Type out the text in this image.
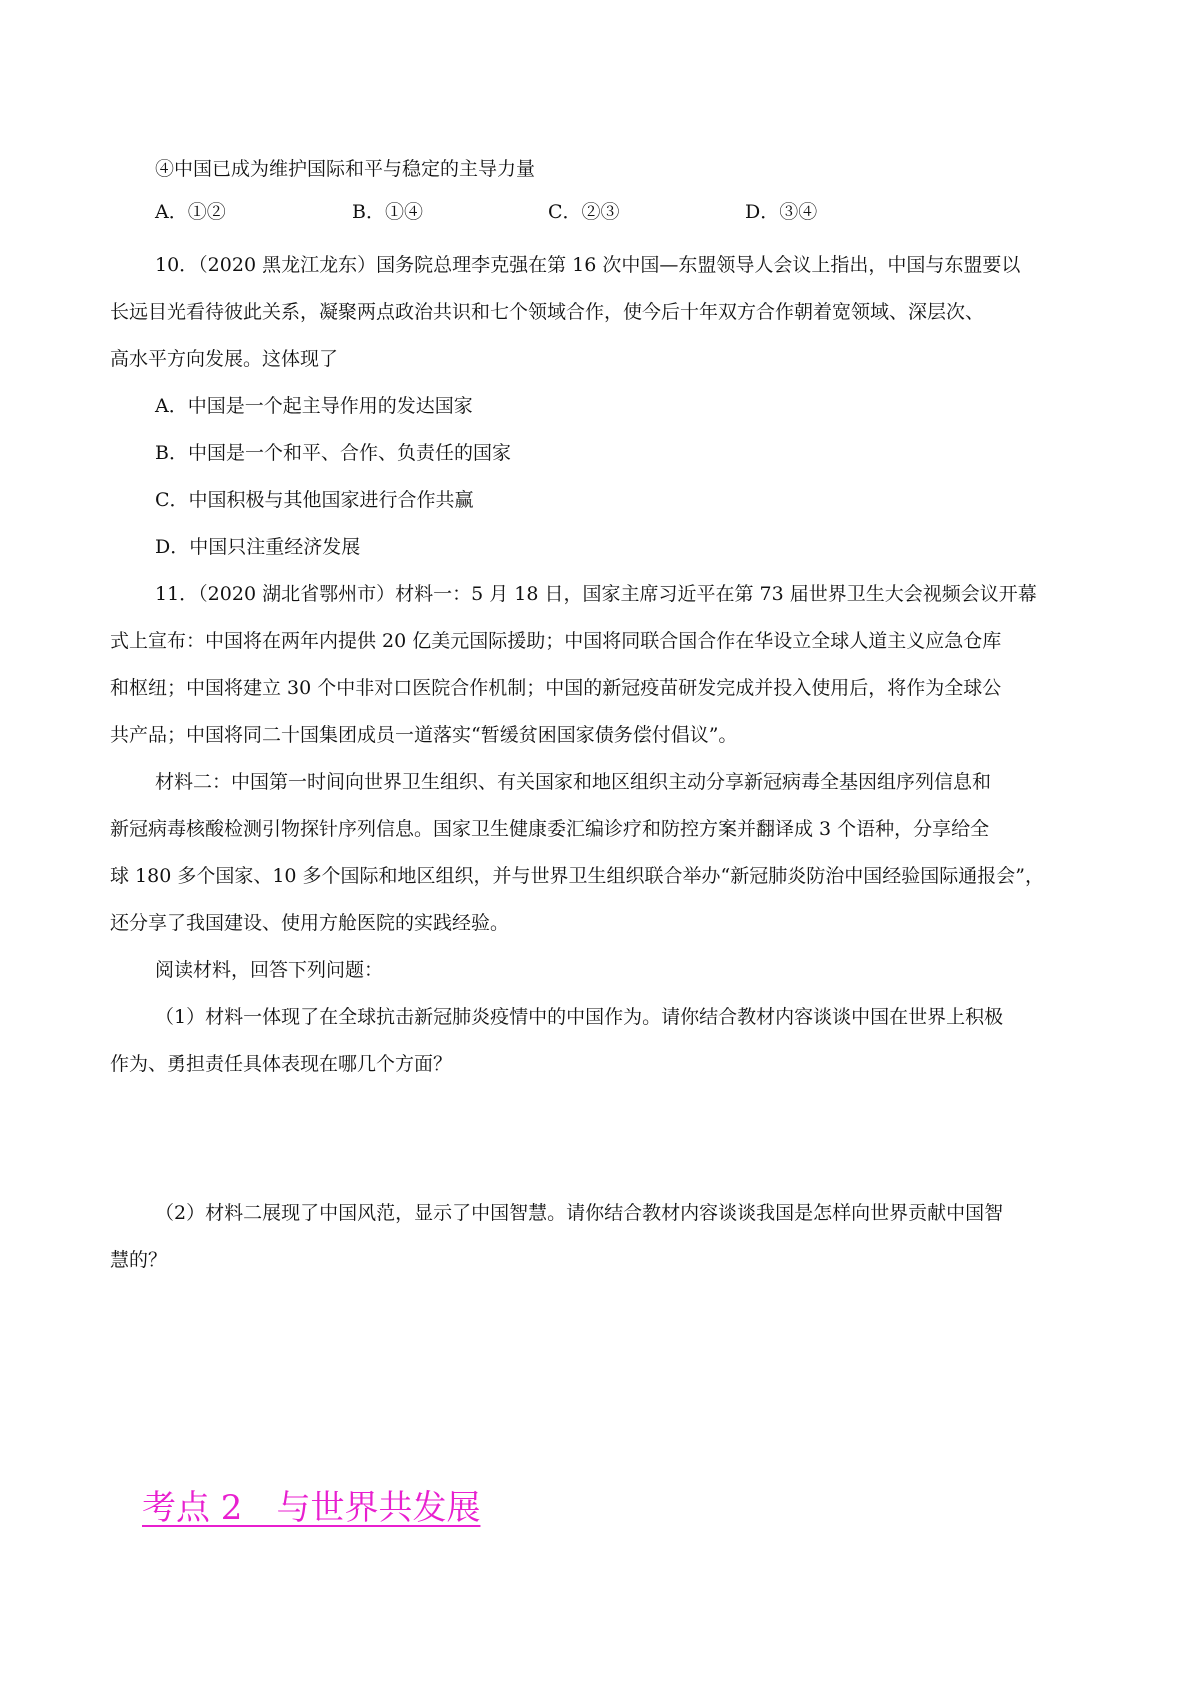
④中国已成为维护国际和平与稳定的主导力量
A．①②	B．①④	C．②③	D．③④
10．（2020 黑龙江龙东）国务院总理李克强在第 16 次中国—东盟领导人会议上指出，中国与东盟要以
长远目光看待彼此关系，凝聚两点政治共识和七个领域合作，使今后十年双方合作朝着宽领域、深层次、
高水平方向发展。这体现了
A．中国是一个起主导作用的发达国家
B．中国是一个和平、合作、负责任的国家
C．中国积极与其他国家进行合作共赢
D．中国只注重经济发展
11．（2020 湖北省鄂州市）材料一：5 月 18 日，国家主席习近平在第 73 届世界卫生大会视频会议开幕
式上宣布：中国将在两年内提供 20 亿美元国际援助；中国将同联合国合作在华设立全球人道主义应急仓库
和枢纽；中国将建立 30 个中非对口医院合作机制；中国的新冠疫苗研发完成并投入使用后，将作为全球公
共产品；中国将同二十国集团成员一道落实“暂缓贫困国家债务偿付倡议”。
材料二：中国第一时间向世界卫生组织、有关国家和地区组织主动分享新冠病毒全基因组序列信息和
新冠病毒核酸检测引物探针序列信息。国家卫生健康委汇编诊疗和防控方案并翻译成 3 个语种，分享给全
球 180 多个国家、10 多个国际和地区组织，并与世界卫生组织联合举办“新冠肺炎防治中国经验国际通报会”，
还分享了我国建设、使用方舱医院的实践经验。
阅读材料，回答下列问题：
（1）材料一体现了在全球抗击新冠肺炎疫情中的中国作为。请你结合教材内容谈谈中国在世界上积极
作为、勇担责任具体表现在哪几个方面？
（2）材料二展现了中国风范，显示了中国智慧。请你结合教材内容谈谈我国是怎样向世界贡献中国智
慧的？
考点 2　与世界共发展
